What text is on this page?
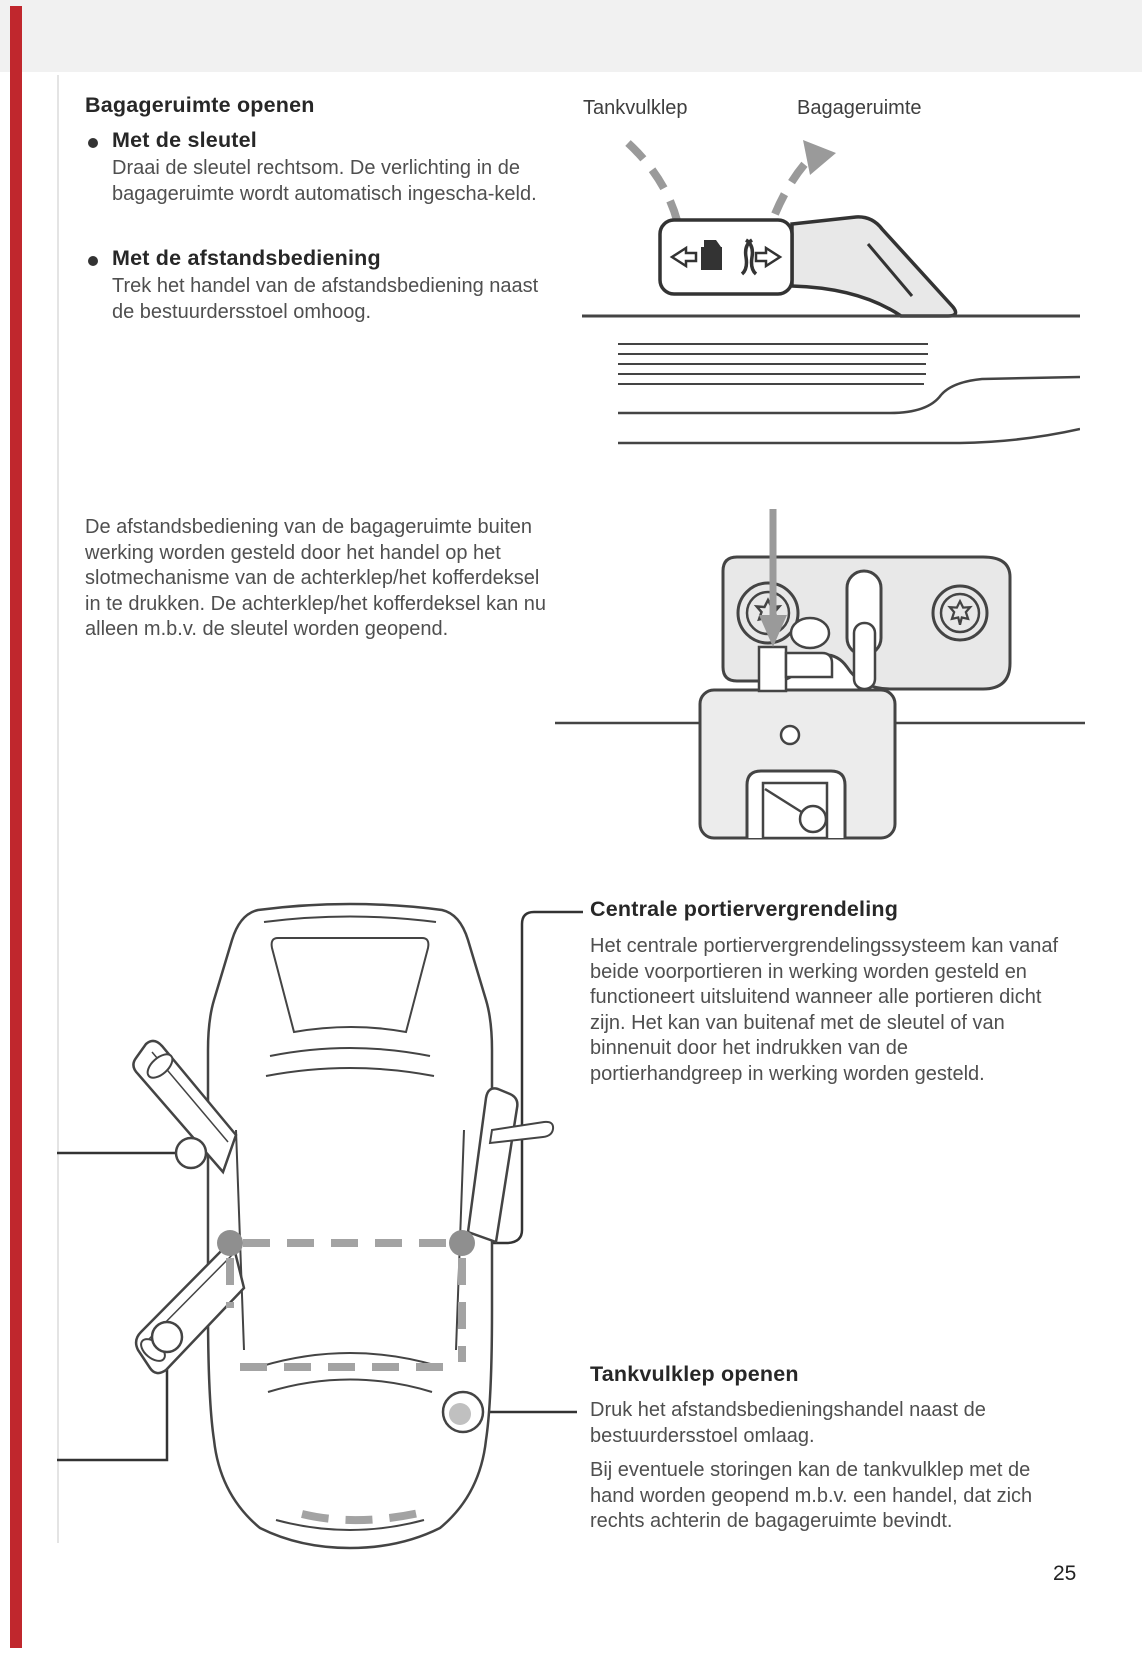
Bagageruimte openen
Met de sleutel
Draai de sleutel rechtsom. De verlichting in de bagageruimte wordt automatisch ingescha-keld.
Met de afstandsbediening
Trek het handel van de afstandsbediening naast de bestuurdersstoel omhoog.
De afstandsbediening van de bagageruimte buiten werking worden gesteld door het handel op het slotmechanisme van de achterklep/het kofferdeksel in te drukken. De achterklep/het kofferdeksel kan nu alleen m.b.v. de sleutel worden geopend.
Tankvulklep	Bagageruimte
Centrale portiervergrendeling
Het centrale portiervergrendelingssysteem kan vanaf beide voorportieren in werking worden gesteld en functioneert uitsluitend wanneer alle portieren dicht zijn. Het kan van buitenaf met de sleutel of van binnenuit door het indrukken van de portierhandgreep in werking worden gesteld.
Tankvulklep openen
Druk het afstandsbedieningshandel naast de bestuurdersstoel omlaag.
Bij eventuele storingen kan de tankvulklep met de hand worden geopend m.b.v. een handel, dat zich rechts achterin de bagageruimte bevindt.
25
